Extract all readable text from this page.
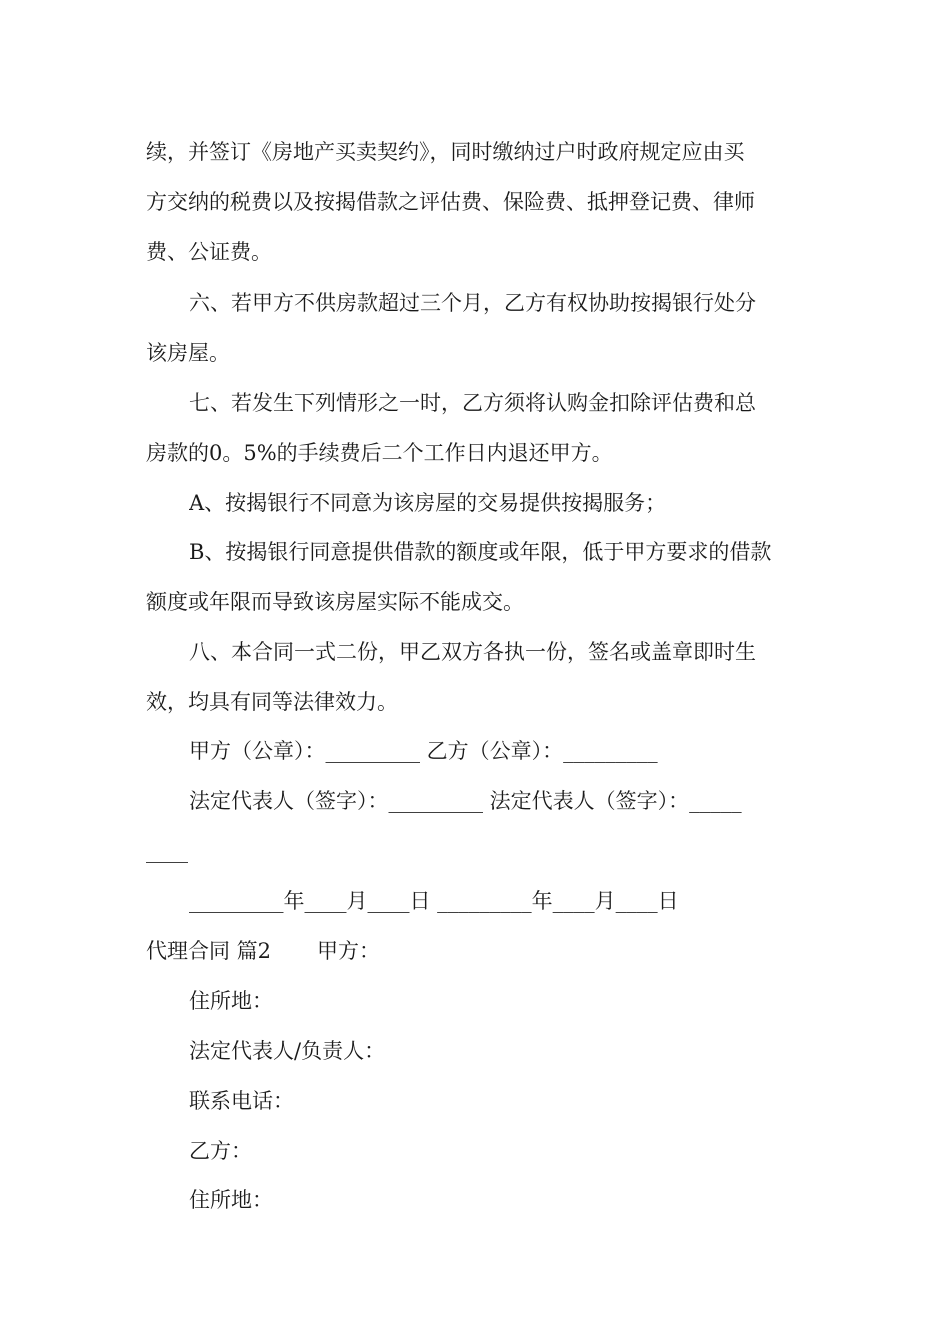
续，并签订《房地产买卖契约》，同时缴纳过户时政府规定应由买
方交纳的税费以及按揭借款之评估费、保险费、抵押登记费、律师
费、公证费。
六、若甲方不供房款超过三个月，乙方有权协助按揭银行处分
该房屋。
七、若发生下列情形之一时，乙方须将认购金扣除评估费和总
房款的0。5%的手续费后二个工作日内退还甲方。
A、按揭银行不同意为该房屋的交易提供按揭服务；
B、按揭银行同意提供借款的额度或年限，低于甲方要求的借款
额度或年限而导致该房屋实际不能成交。
八、本合同一式二份，甲乙双方各执一份，签名或盖章即时生
效，均具有同等法律效力。
甲方（公章）：_________ 乙方（公章）：_________
法定代表人（签字）：_________ 法定代表人（签字）：_____
____
_________年____月____日 _________年____月____日
代理合同 篇2 甲方：
住所地：
法定代表人/负责人：
联系电话：
乙方：
住所地：
